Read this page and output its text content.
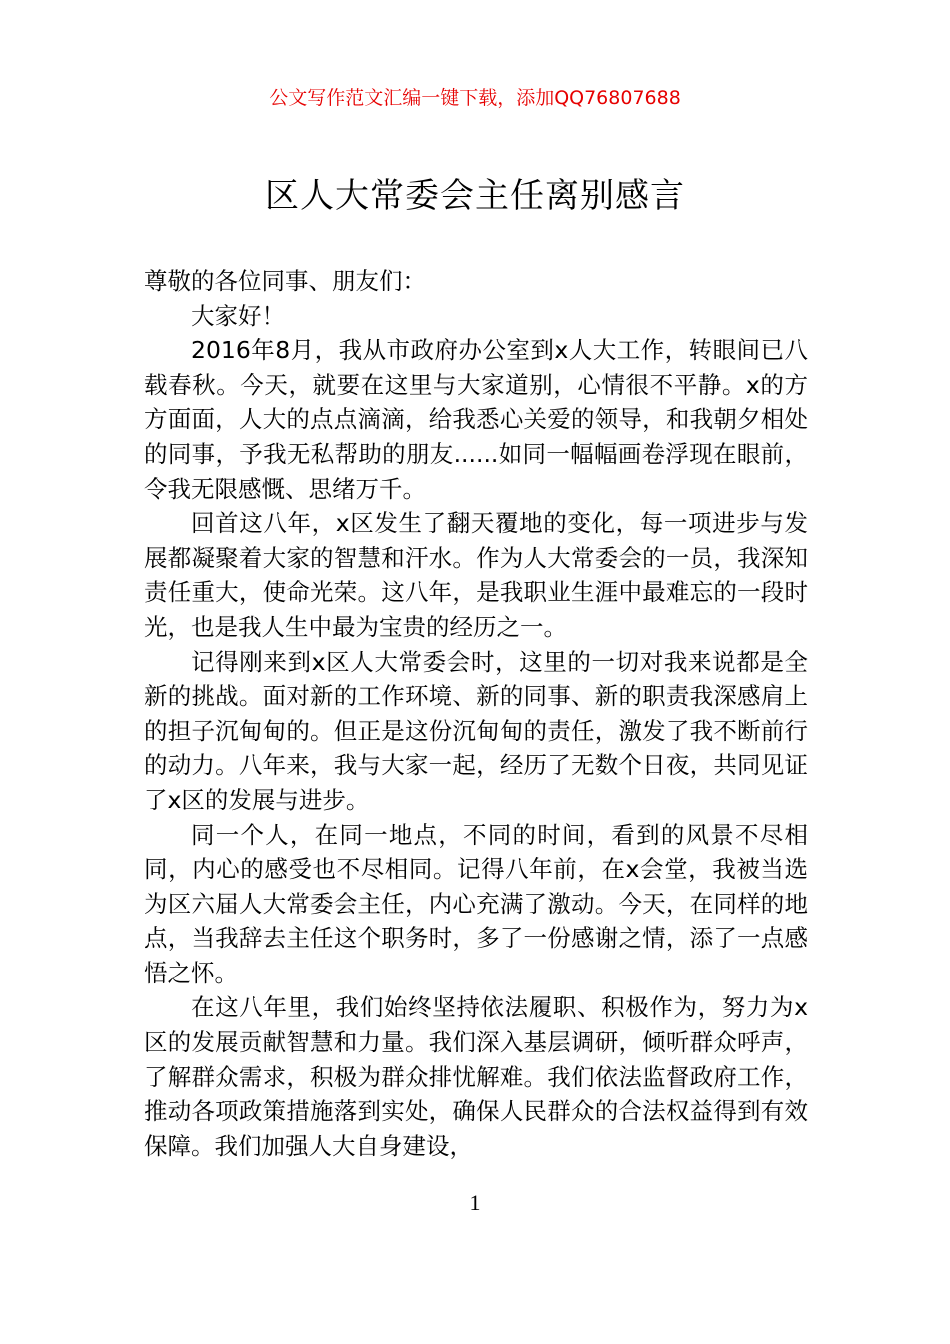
公文写作范文汇编一键下载，添加QQ76807688
区人大常委会主任离别感言

尊敬的各位同事、朋友们：

大家好！

2016年8月，我从市政府办公室到x人大工作，转眼间已八载春秋。今天，就要在这里与大家道别，心情很不平静。x的方方面面，人大的点点滴滴，给我悉心关爱的领导，和我朝夕相处的同事，予我无私帮助的朋友......如同一幅幅画卷浮现在眼前，令我无限感慨、思绪万千。

回首这八年，x区发生了翻天覆地的变化，每一项进步与发展都凝聚着大家的智慧和汗水。作为人大常委会的一员，我深知责任重大，使命光荣。这八年，是我职业生涯中最难忘的一段时光，也是我人生中最为宝贵的经历之一。

记得刚来到x区人大常委会时，这里的一切对我来说都是全新的挑战。面对新的工作环境、新的同事、新的职责我深感肩上的担子沉甸甸的。但正是这份沉甸甸的责任，激发了我不断前行的动力。八年来，我与大家一起，经历了无数个日夜，共同见证了x区的发展与进步。

同一个人，在同一地点，不同的时间，看到的风景不尽相同，内心的感受也不尽相同。记得八年前，在x会堂，我被当选为区六届人大常委会主任，内心充满了激动。今天，在同样的地点，当我辞去主任这个职务时，多了一份感谢之情，添了一点感悟之怀。

在这八年里，我们始终坚持依法履职、积极作为，努力为x区的发展贡献智慧和力量。我们深入基层调研，倾听群众呼声，了解群众需求，积极为群众排忧解难。我们依法监督政府工作，推动各项政策措施落到实处，确保人民群众的合法权益得到有效保障。我们加强人大自身建设，

1
